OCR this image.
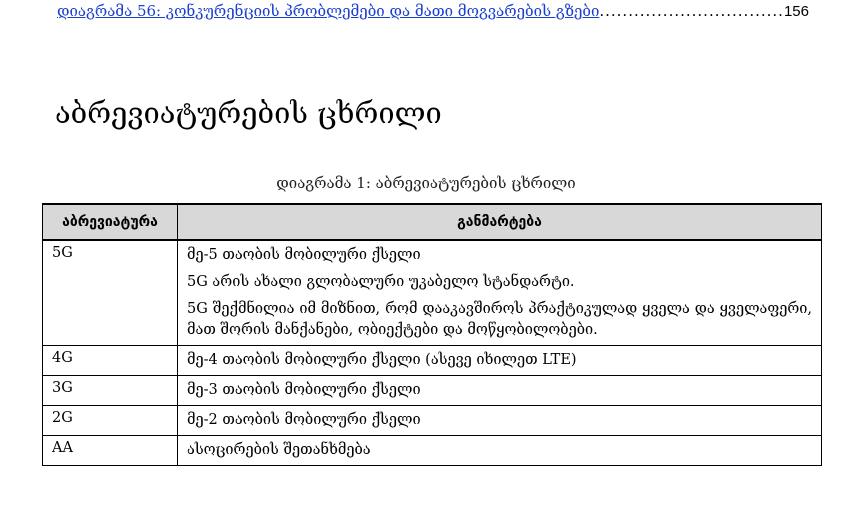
დიაგრამა 56: კონკურენციის პრობლემები და მათი მოგვარების გზები .....	156
აბრევიატურების ცხრილი
დიაგრამა 1: აბრევიატურების ცხრილი
აბრევიატურა	განმარტება
5G	მე-5 თაობის მობილური ქსელი

5G არის ახალი გლობალური უკაბელო სტანდარტი.

5G შექმნილია იმ მიზნით, რომ დააკავშიროს პრაქტიკულად ყველა და ყველაფერი, მათ შორის მანქანები, ობიექტები და მოწყობილობები.

4G	მე-4 თაობის მობილური ქსელი (ასევე იხილეთ LTE)

3G	მე-3 თაობის მობილური ქსელი

2G	მე-2 თაობის მობილური ქსელი

AA	ასოცირების შეთანხმება
